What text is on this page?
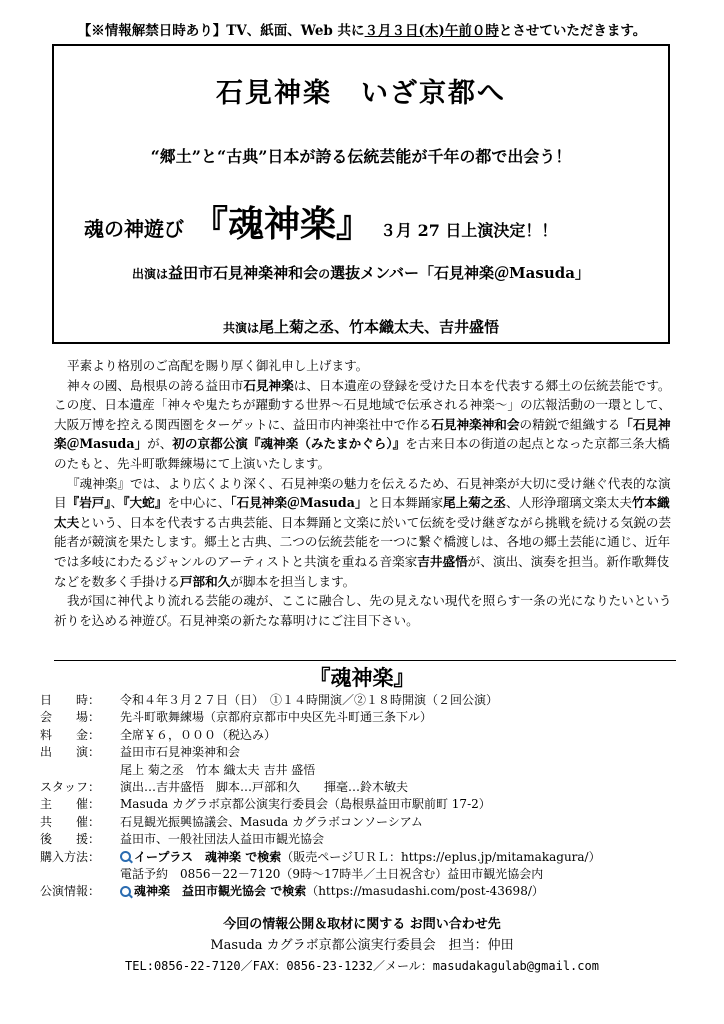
【※情報解禁日時あり】TV、紙面、Web 共に３月３日(木)午前０時とさせていただきます。
石見神楽　いざ京都へ
“郷土”と“古典”日本が誇る伝統芸能が千年の都で出会う！
魂の神遊び 『魂神楽』 ３月 27 日上演決定！！
出演は益田市石見神楽神和会の選抜メンバー「石見神楽＠Masuda」
共演は尾上菊之丞、竹本織太夫、吉井盛悟

平素より格別のご高配を賜り厚く御礼申し上げます。

神々の國、島根県の誇る益田市石見神楽は、日本遺産の登録を受けた日本を代表する郷土の伝統芸能です。この度、日本遺産「神々や鬼たちが躍動する世界～石見地域で伝承される神楽～」の広報活動の一環として、大阪万博を控える関西圏をターゲットに、益田市内神楽社中で作る石見神楽神和会の精鋭で組織する「石見神楽＠Masuda」が、初の京都公演『魂神楽（みたまかぐら）』を古来日本の街道の起点となった京都三条大橋のたもと、先斗町歌舞練場にて上演いたします。

『魂神楽』では、より広くより深く、石見神楽の魅力を伝えるため、石見神楽が大切に受け継ぐ代表的な演目『岩戸』、『大蛇』を中心に、「石見神楽＠Masuda」と日本舞踊家尾上菊之丞、人形浄瑠璃文楽太夫竹本織太夫という、日本を代表する古典芸能、日本舞踊と文楽に於いて伝統を受け継ぎながら挑戦を続ける気鋭の芸能者が競演を果たします。郷土と古典、二つの伝統芸能を一つに繋ぐ橋渡しは、各地の郷土芸能に通じ、近年では多岐にわたるジャンルのアーティストと共演を重ねる音楽家吉井盛悟が、演出、演奏を担当。新作歌舞伎などを数多く手掛ける戸部和久が脚本を担当します。

我が国に神代より流れる芸能の魂が、ここに融合し、先の見えない現代を照らす一条の光になりたいという祈りを込める神遊び。石見神楽の新たな幕明けにご注目下さい。

『魂神楽』
日　　時：	令和４年３月２７日（日）　①１４時開演／②１８時開演（２回公演）
会　　場：	先斗町歌舞練場（京都府京都市中央区先斗町通三条下ル）
料　　金：	全席￥６，０００（税込み）
出　　演：	益田市石見神楽神和会
尾上 菊之丞　竹本 織太夫 吉井 盛悟
スタッフ：	演出…吉井盛悟　脚本…戸部和久　　揮毫…鈴木敏夫
主　　催：	Masuda カグラボ京都公演実行委員会（島根県益田市駅前町 17-2）
共　　催：	石見観光振興協議会、Masuda カグラボコンソーシアム
後　　援：	益田市、一般社団法人益田市観光協会
購入方法：	イープラス　魂神楽 で検索（販売ページＵＲＬ：https://eplus.jp/mitamakagura/）
電話予約　0856－22－7120（9時～17時半／土日祝含む）益田市観光協会内
公演情報：	魂神楽　益田市観光協会 で検索（https://masudashi.com/post-43698/）
今回の情報公開＆取材に関する お問い合わせ先
Masuda カグラボ京都公演実行委員会　担当：仲田
TEL:0856-22-7120／FAX：0856-23-1232／メール：masudakagulab@gmail.com
